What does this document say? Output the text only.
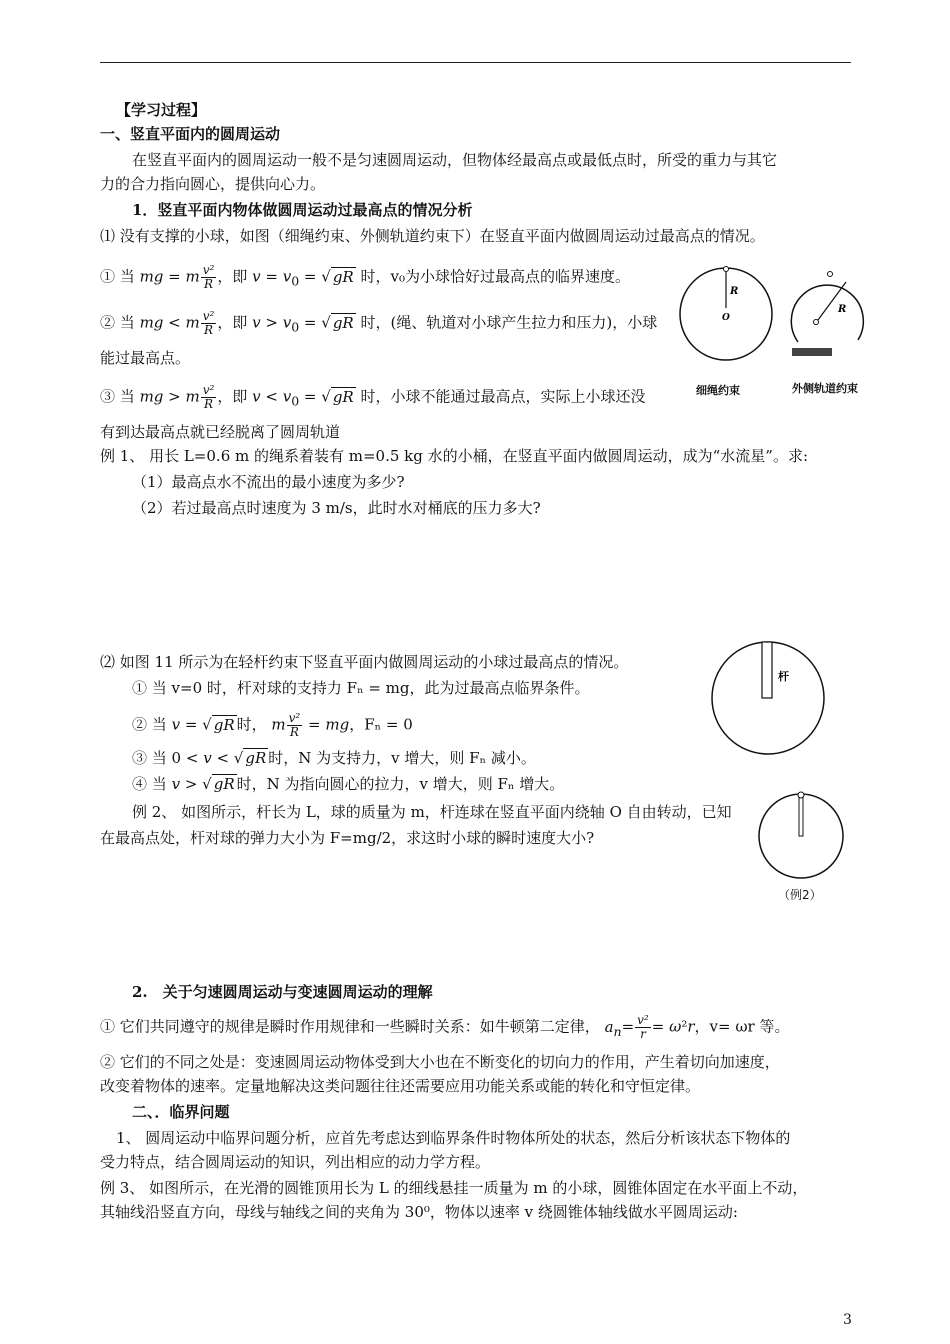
【学习过程】
一、竖直平面内的圆周运动
在竖直平面内的圆周运动一般不是匀速圆周运动，但物体经最高点或最低点时，所受的重力与其它
力的合力指向圆心，提供向心力。
1．竖直平面内物体做圆周运动过最高点的情况分析
⑴ 没有支撑的小球，如图（细绳约束、外侧轨道约束下）在竖直平面内做圆周运动过最高点的情况。
① 当 mg = m $\frac{\text{v²}}{R}$ ，即 $v = v_0$ = √ gR 时，v₀为小球恰好过最高点的临界速度。
② 当 mg < m $\frac{\text{v²}}{R}$ ，即 $v > v_0$ = √ gR 时，(绳、轨道对小球产生拉力和压力)，小球
能过最高点。
③ 当 mg > m $\frac{\text{v²}}{R}$ ，即 $v < v_0$ = √ gR 时，小球不能通过最高点，实际上小球还没
有到达最高点就已经脱离了圆周轨道
R
O
细绳约束
R
外侧轨道约束
例 1、 用长 L=0.6 m 的绳系着装有 m=0.5 kg 水的小桶，在竖直平面内做圆周运动，成为“水流星”。求:
（1）最高点水不流出的最小速度为多少?
（2）若过最高点时速度为 3 m/s，此时水对桶底的压力多大?
⑵ 如图 11 所示为在轻杆约束下竖直平面内做圆周运动的小球过最高点的情况。
① 当 v=0 时，杆对球的支持力 Fₙ = mg，此为过最高点临界条件。
② 当 v = √ gR 时， m $\frac{\text{v²}}{R}$ = mg，Fₙ = 0
③ 当 0 < v < √ gR 时，N 为支持力，v 增大，则 Fₙ 减小。
④ 当 v > √ gR 时，N 为指向圆心的拉力，v 增大，则 Fₙ 增大。
杆
例 2、 如图所示，杆长为 L，球的质量为 m，杆连球在竖直平面内绕轴 O 自由转动，已知
在最高点处，杆对球的弹力大小为 F=mg/2，求这时小球的瞬时速度大小?
（例2）
2.　关于匀速圆周运动与变速圆周运动的理解
① 它们共同遵守的规律是瞬时作用规律和一些瞬时关系：如牛顿第二定律， $a_n= \frac{\text{v²}}{r} = \omega^2r$，v= ωr 等。
② 它们的不同之处是：变速圆周运动物体受到大小也在不断变化的切向力的作用，产生着切向加速度，
改变着物体的速率。定量地解决这类问题往往还需要应用功能关系或能的转化和守恒定律。
二、．临界问题
1、 圆周运动中临界问题分析，应首先考虑达到临界条件时物体所处的状态，然后分析该状态下物体的
受力特点，结合圆周运动的知识，列出相应的动力学方程。
例 3、 如图所示，在光滑的圆锥顶用长为 L 的细线悬挂一质量为 m 的小球，圆锥体固定在水平面上不动，
其轴线沿竖直方向，母线与轴线之间的夹角为 30⁰，物体以速率 v 绕圆锥体轴线做水平圆周运动:
3
